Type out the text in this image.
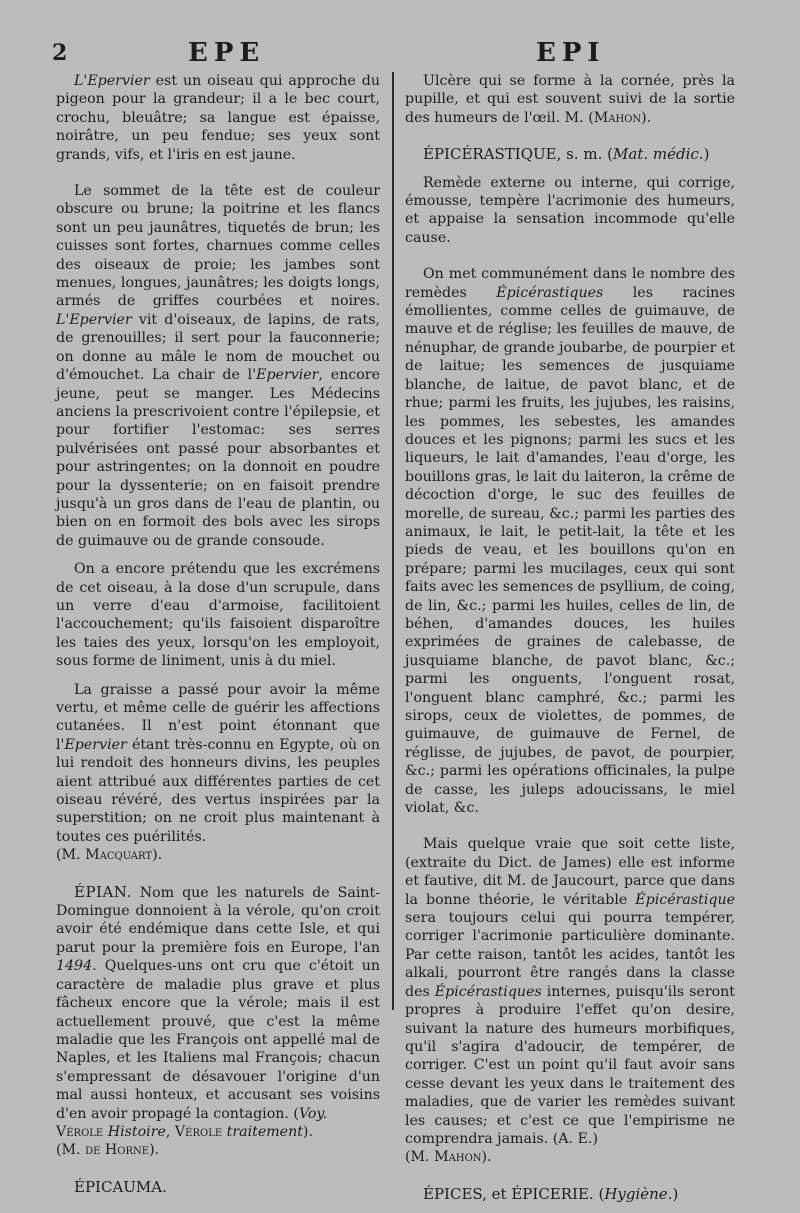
2	EPE	EPI

L'Epervier est un oiseau qui approche du pigeon pour la grandeur; il a le bec court, crochu, bleuâtre; sa langue est épaisse, noirâtre, un peu fendue; ses yeux sont grands, vifs, et l'iris en est jaune.

Le sommet de la tête est de couleur obscure ou brune; la poitrine et les flancs sont un peu jaunâtres, tiquetés de brun; les cuisses sont fortes, charnues comme celles des oiseaux de proie; les jambes sont menues, longues, jaunâtres; les doigts longs, armés de griffes courbées et noires. L'Epervier vit d'oiseaux, de lapins, de rats, de grenouilles; il sert pour la fauconnerie; on donne au mâle le nom de mouchet ou d'émouchet. La chair de l'Epervier, encore jeune, peut se manger. Les Médecins anciens la prescrivoient contre l'épilepsie, et pour fortifier l'estomac: ses serres pulvérisées ont passé pour absorbantes et pour astringentes; on la donnoit en poudre pour la dyssenterie; on en faisoit prendre jusqu'à un gros dans de l'eau de plantin, ou bien on en formoit des bols avec les sirops de guimauve ou de grande consoude.

On a encore prétendu que les excrémens de cet oiseau, à la dose d'un scrupule, dans un verre d'eau d'armoise, facilitoient l'accouchement; qu'ils faisoient disparoître les taies des yeux, lorsqu'on les employoit, sous forme de liniment, unis à du miel.

La graisse a passé pour avoir la même vertu, et même celle de guérir les affections cutanées. Il n'est point étonnant que l'Epervier étant très-connu en Egypte, où on lui rendoit des honneurs divins, les peuples aient attribué aux différentes parties de cet oiseau révéré, des vertus inspirées par la superstition; on ne croit plus maintenant à toutes ces puérilités.
(M. Macquart).

ÉPIAN. Nom que les naturels de Saint-Domingue donnoient à la vérole, qu'on croit avoir été endémique dans cette Isle, et qui parut pour la première fois en Europe, l'an 1494. Quelques-uns ont cru que c'étoit un caractère de maladie plus grave et plus fâcheux encore que la vérole; mais il est actuellement prouvé, que c'est la même maladie que les François ont appellé mal de Naples, et les Italiens mal François; chacun s'empressant de désavouer l'origine d'un mal aussi honteux, et accusant ses voisins d'en avoir propagé la contagion. (Voy.
Vérole Histoire, Vérole traitement).
(M. de Horne).

ÉPICAUMA.

Ulcère qui se forme à la cornée, près la pupille, et qui est souvent suivi de la sortie des humeurs de l'œil. M. (Mahon).

ÉPICÉRASTIQUE, s. m. (Mat. médic.)

Remède externe ou interne, qui corrige, émousse, tempère l'acrimonie des humeurs, et appaise la sensation incommode qu'elle cause.

On met communément dans le nombre des remèdes Épicérastiques les racines émollientes, comme celles de guimauve, de mauve et de réglise; les feuilles de mauve, de nénuphar, de grande joubarbe, de pourpier et de laitue; les semences de jusquiame blanche, de laitue, de pavot blanc, et de rhue; parmi les fruits, les jujubes, les raisins, les pommes, les sebestes, les amandes douces et les pignons; parmi les sucs et les liqueurs, le lait d'amandes, l'eau d'orge, les bouillons gras, le lait du laiteron, la crême de décoction d'orge, le suc des feuilles de morelle, de sureau, &c.; parmi les parties des animaux, le lait, le petit-lait, la tête et les pieds de veau, et les bouillons qu'on en prépare; parmi les mucilages, ceux qui sont faits avec les semences de psyllium, de coing, de lin, &c.; parmi les huiles, celles de lin, de béhen, d'amandes douces, les huiles exprimées de graines de calebasse, de jusquiame blanche, de pavot blanc, &c.; parmi les onguents, l'onguent rosat, l'onguent blanc camphré, &c.; parmi les sirops, ceux de violettes, de pommes, de guimauve, de guimauve de Fernel, de réglisse, de jujubes, de pavot, de pourpier, &c.; parmi les opérations officinales, la pulpe de casse, les juleps adoucissans, le miel violat, &c.

Mais quelque vraie que soit cette liste, (extraite du Dict. de James) elle est informe et fautive, dit M. de Jaucourt, parce que dans la bonne théorie, le véritable Épicérastique sera toujours celui qui pourra tempérer, corriger l'acrimonie particulière dominante. Par cette raison, tantôt les acides, tantôt les alkali, pourront être rangés dans la classe des Épicérastiques internes, puisqu'ils seront propres à produire l'effet qu'on desire, suivant la nature des humeurs morbifiques, qu'il s'agira d'adoucir, de tempérer, de corriger. C'est un point qu'il faut avoir sans cesse devant les yeux dans le traitement des maladies, que de varier les remèdes suivant les causes; et c'est ce que l'empirisme ne comprendra jamais. (A. E.)
(M. Mahon).

ÉPICES, et ÉPICERIE. (Hygiène.)
